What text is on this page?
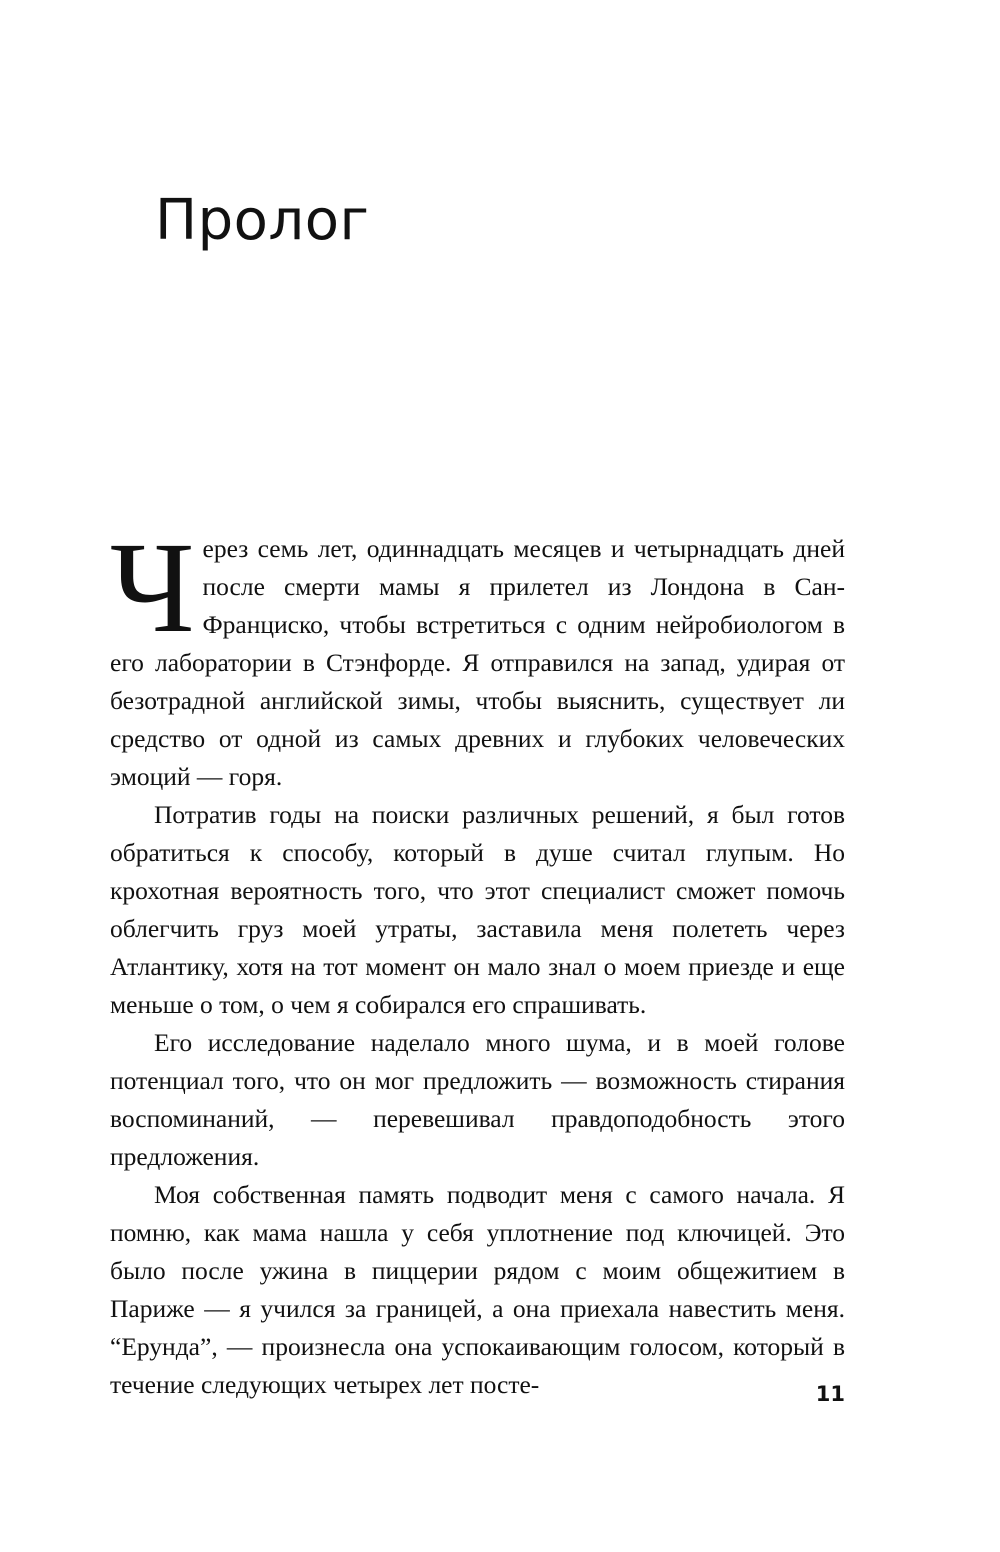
Пролог

Через семь лет, одиннадцать месяцев и четырнадцать дней после смерти мамы я прилетел из Лондона в Сан-Франциско, чтобы встретиться с одним нейробиологом в его лаборатории в Стэнфорде. Я отправился на запад, удирая от безотрадной английской зимы, чтобы выяснить, существует ли средство от одной из самых древних и глубоких человеческих эмоций — горя.

Потратив годы на поиски различных решений, я был готов обратиться к способу, который в душе считал глупым. Но крохотная вероятность того, что этот специалист сможет помочь облегчить груз моей утраты, заставила меня полететь через Атлантику, хотя на тот момент он мало знал о моем приезде и еще меньше о том, о чем я собирался его спрашивать.

Его исследование наделало много шума, и в моей голове потенциал того, что он мог предложить — возможность стирания воспоминаний, — перевешивал правдоподобность этого предложения.

Моя собственная память подводит меня с самого начала. Я помню, как мама нашла у себя уплотнение под ключицей. Это было после ужина в пиццерии рядом с моим общежитием в Париже — я учился за границей, а она приехала навестить меня. “Ерунда”, — произнесла она успокаивающим голосом, который в течение следующих четырех лет посте-	11
